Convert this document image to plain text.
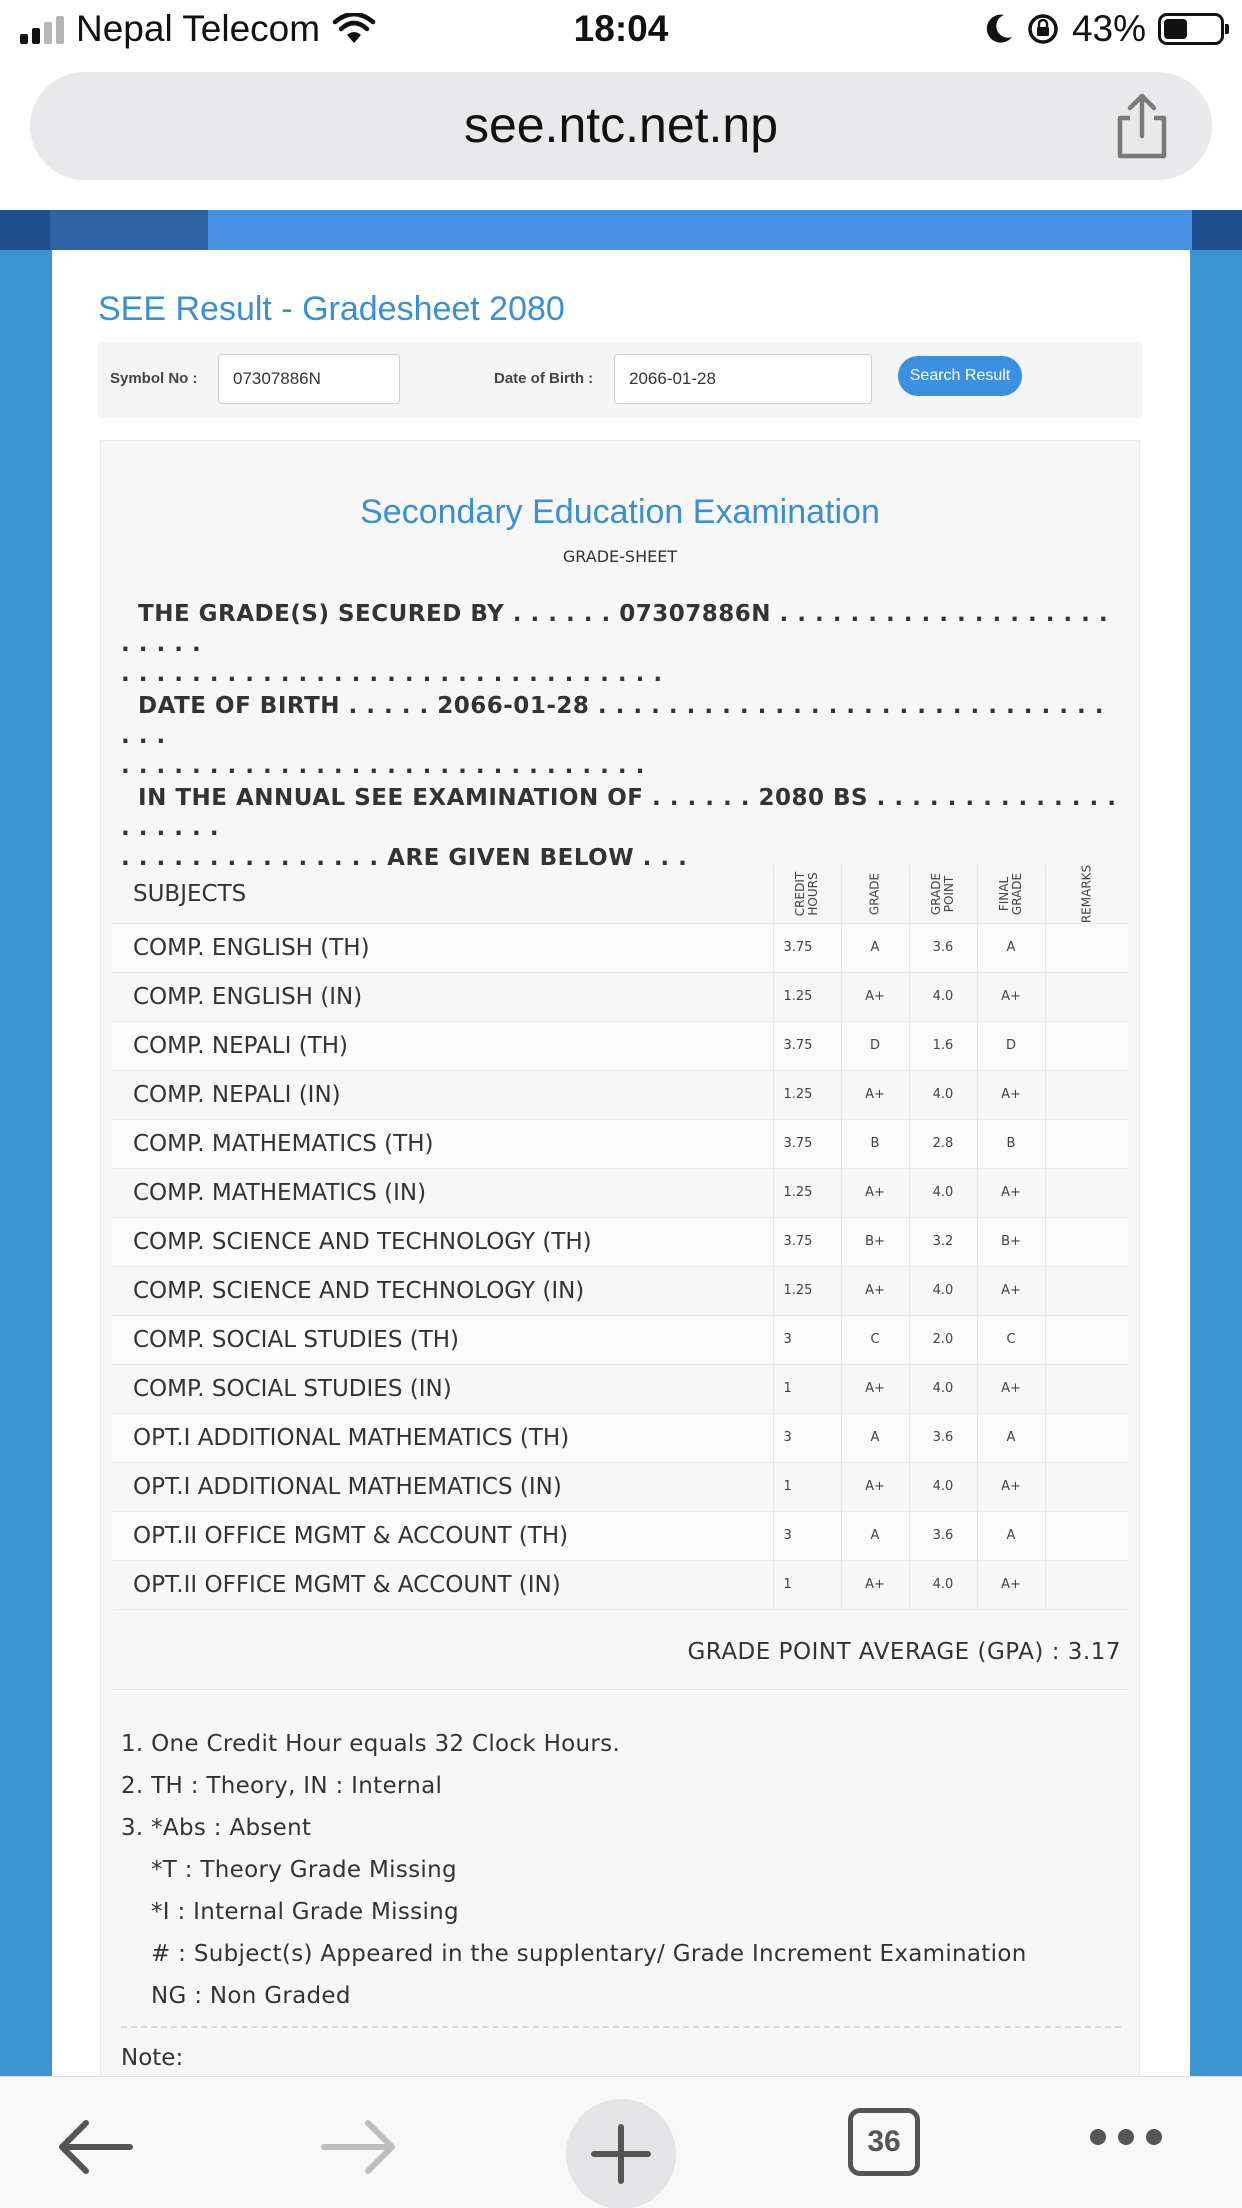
Nepal Telecom	18:04	43%
see.ntc.net.np
SEE Result - Gradesheet 2080
Symbol No :	07307886N	Date of Birth :	2066-01-28	Search Result
Secondary Education Examination
GRADE-SHEET
THE GRADE(S) SECURED BY . . . . . . 07307886N . . . . . . . . . . . . . . . . . . . . . . . .
. . . . . . . . . . . . . . . . . . . . . . . . . . . . . . .
DATE OF BIRTH . . . . . 2066-01-28 . . . . . . . . . . . . . . . . . . . . . . . . . . . . . . . .
. . . . . . . . . . . . . . . . . . . . . . . . . . . . . .
IN THE ANNUAL SEE EXAMINATION OF . . . . . . 2080 BS . . . . . . . . . . . . . . . . . . . .
. . . . . . . . . . . . . . . ARE GIVEN BELOW . . .
SUBJECTS	CREDIT HOURS	GRADE	GRADE POINT	FINAL GRADE	REMARKS

COMP. ENGLISH (TH)	3.75	A	3.6	A	
COMP. ENGLISH (IN)	1.25	A+	4.0	A+	
COMP. NEPALI (TH)	3.75	D	1.6	D	
COMP. NEPALI (IN)	1.25	A+	4.0	A+	
COMP. MATHEMATICS (TH)	3.75	B	2.8	B	
COMP. MATHEMATICS (IN)	1.25	A+	4.0	A+	
COMP. SCIENCE AND TECHNOLOGY (TH)	3.75	B+	3.2	B+	
COMP. SCIENCE AND TECHNOLOGY (IN)	1.25	A+	4.0	A+	
COMP. SOCIAL STUDIES (TH)	3	C	2.0	C	
COMP. SOCIAL STUDIES (IN)	1	A+	4.0	A+	
OPT.I ADDITIONAL MATHEMATICS (TH)	3	A	3.6	A	
OPT.I ADDITIONAL MATHEMATICS (IN)	1	A+	4.0	A+	
OPT.II OFFICE MGMT & ACCOUNT (TH)	3	A	3.6	A	
OPT.II OFFICE MGMT & ACCOUNT (IN)	1	A+	4.0	A+	
GRADE POINT AVERAGE (GPA) : 3.17
1. One Credit Hour equals 32 Clock Hours.
2. TH : Theory, IN : Internal
3. *Abs : Absent
*T : Theory Grade Missing
*I : Internal Grade Missing
# : Subject(s) Appeared in the supplentary/ Grade Increment Examination
NG : Non Graded
Note:
36
